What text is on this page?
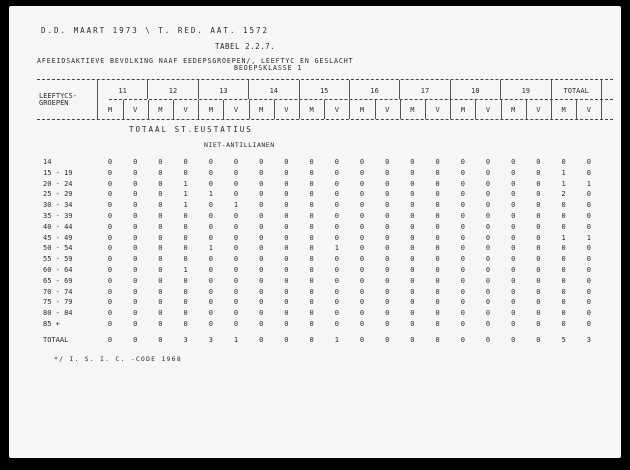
D.D. MAART 1973 \ T. RED. AAT. 1572
TABEL 2.2.7.
AFEEIDSAKTIEVE BEVOLKING NAAF EEDEPSGROEPEN/, LEEFTYC EN GESLACHT
BEOEPSKLASSE 1
LEEFTYCS-
GROEPEN
TOTAAL ST.EUSTATIUS
NIET-ANTILLIANEN
*/ I. S. I. C. -CODE 1968
11	12	13	14	15	16	17	18	19	TOTAAL
M	V	M	V	M	V	M	V	M	V	M	V	M	V	M	V	M	V	M	V
14	0	0	0	0	0	0	0	0	0	0	0	0	0	0	0	0	0	0	0	0
15 - 19	0	0	0	0	0	0	0	0	0	0	0	0	0	0	0	0	0	0	1	0
20 - 24	0	0	0	1	0	0	0	0	0	0	0	0	0	0	0	0	0	0	1	1
25 - 29	0	0	0	1	1	0	0	0	0	0	0	0	0	0	0	0	0	0	2	0
30 - 34	0	0	0	1	0	1	0	0	0	0	0	0	0	0	0	0	0	0	0	0
35 - 39	0	0	0	0	0	0	0	0	0	0	0	0	0	0	0	0	0	0	0	0
40 - 44	0	0	0	0	0	0	0	0	0	0	0	0	0	0	0	0	0	0	0	0
45 - 49	0	0	0	0	0	0	0	0	0	0	0	0	0	0	0	0	0	0	1	1
50 - 54	0	0	0	0	1	0	0	0	0	1	0	0	0	0	0	0	0	0	0	0
55 - 59	0	0	0	0	0	0	0	0	0	0	0	0	0	0	0	0	0	0	0	0
60 - 64	0	0	0	1	0	0	0	0	0	0	0	0	0	0	0	0	0	0	0	0
65 - 69	0	0	0	0	0	0	0	0	0	0	0	0	0	0	0	0	0	0	0	0
70 - 74	0	0	0	0	0	0	0	0	0	0	0	0	0	0	0	0	0	0	0	0
75 - 79	0	0	0	0	0	0	0	0	0	0	0	0	0	0	0	0	0	0	0	0
80 - 84	0	0	0	0	0	0	0	0	0	0	0	0	0	0	0	0	0	0	0	0
85 +	0	0	0	0	0	0	0	0	0	0	0	0	0	0	0	0	0	0	0	0
TOTAAL	0	0	0	3	3	1	0	0	0	1	0	0	0	0	0	0	0	0	5	3
